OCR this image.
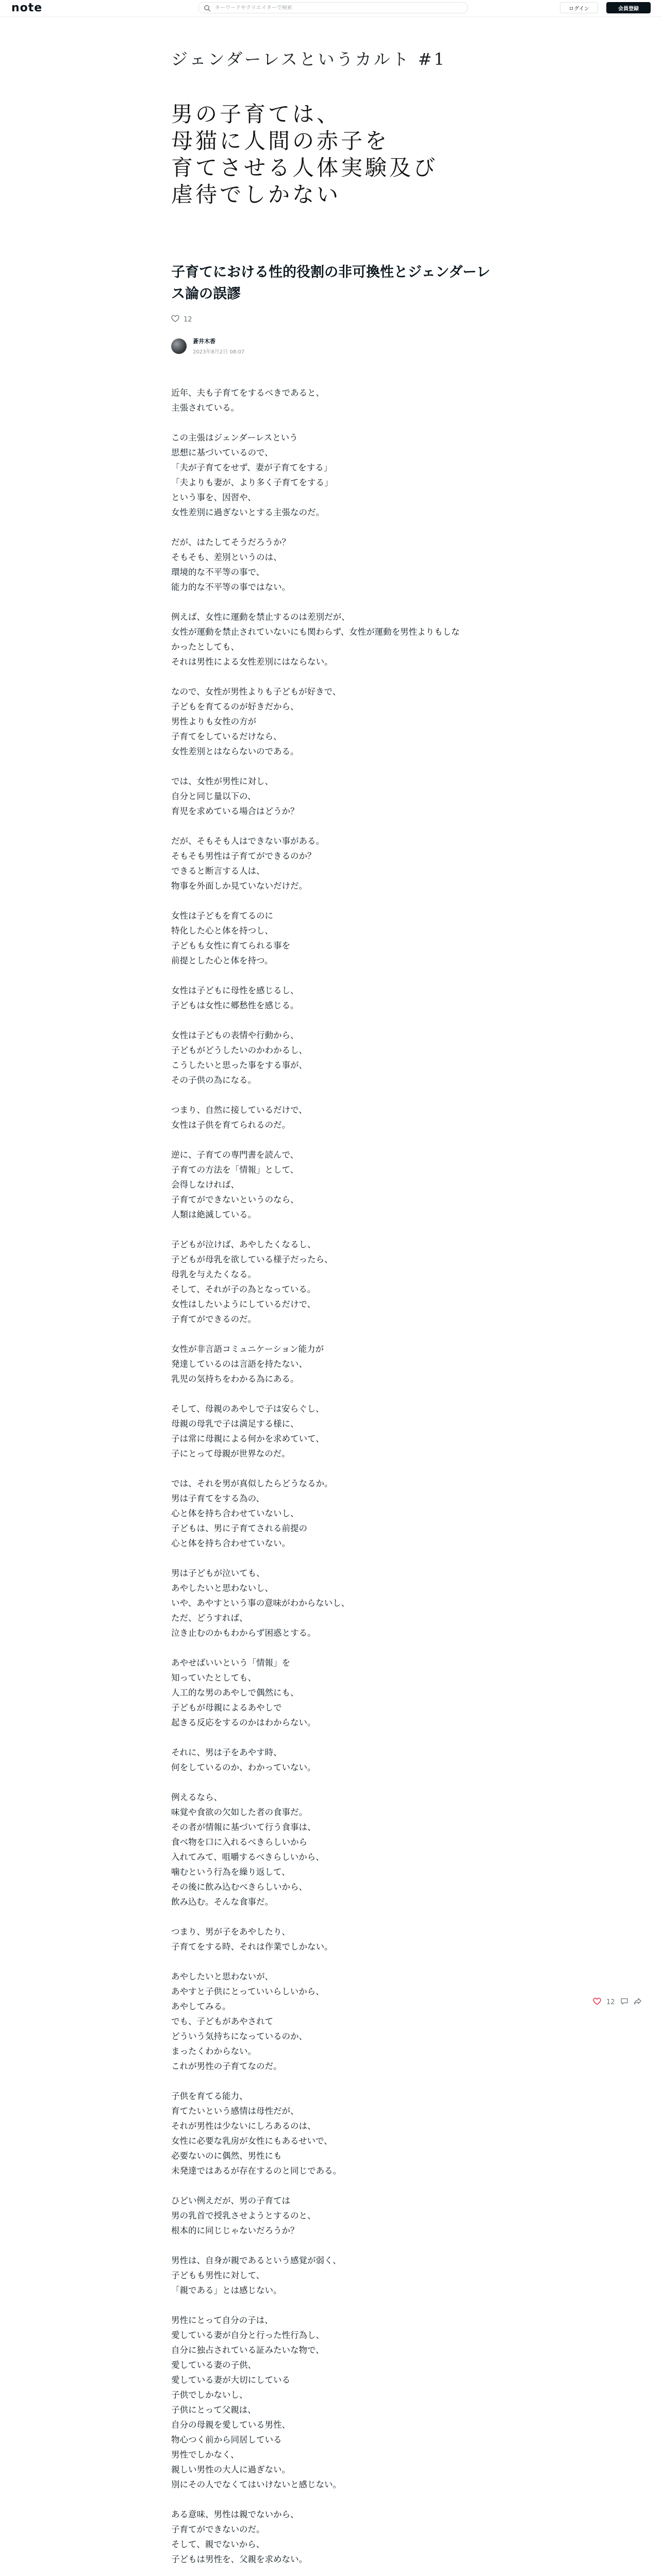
note
キーワードやクリエイターで検索	ログイン	会員登録
ジェンダーレスというカルト #1
男の子育ては、
母猫に人間の赤子を
育てさせる人体実験及び
虐待でしかない
子育てにおける性的役割の非可換性とジェンダーレス論の誤謬
12
蒼井木香
2023年8月2日 08:07

近年、夫も子育てをするべきであると、
主張されている。

この主張はジェンダーレスという
思想に基づいているので、
「夫が子育てをせず、妻が子育てをする」
「夫よりも妻が、より多く子育てをする」
という事を、因習や、
女性差別に過ぎないとする主張なのだ。

だが、はたしてそうだろうか？
そもそも、差別というのは、
環境的な不平等の事で、
能力的な不平等の事ではない。

例えば、女性に運動を禁止するのは差別だが、
女性が運動を禁止されていないにも関わらず、女性が運動を男性よりもしな
かったとしても、
それは男性による女性差別にはならない。

なので、女性が男性よりも子どもが好きで、
子どもを育てるのが好きだから、
男性よりも女性の方が
子育てをしているだけなら、
女性差別とはならないのである。

では、女性が男性に対し、
自分と同じ量以下の、
育児を求めている場合はどうか？

だが、そもそも人はできない事がある。
そもそも男性は子育てができるのか？
できると断言する人は、
物事を外面しか見ていないだけだ。

女性は子どもを育てるのに
特化した心と体を持つし、
子どもも女性に育てられる事を
前提とした心と体を持つ。

女性は子どもに母性を感じるし、
子どもは女性に郷愁性を感じる。

女性は子どもの表情や行動から、
子どもがどうしたいのかわかるし、
こうしたいと思った事をする事が、
その子供の為になる。

つまり、自然に接しているだけで、
女性は子供を育てられるのだ。

逆に、子育ての専門書を読んで、
子育ての方法を「情報」として、
会得しなければ、
子育てができないというのなら、
人類は絶滅している。

子どもが泣けば、あやしたくなるし、
子どもが母乳を欲している様子だったら、
母乳を与えたくなる。
そして、それが子の為となっている。
女性はしたいようにしているだけで、
子育てができるのだ。

女性が非言語コミュニケーション能力が
発達しているのは言語を持たない、
乳児の気持ちをわかる為にある。

そして、母親のあやしで子は安らぐし、
母親の母乳で子は満足する様に、
子は常に母親による何かを求めていて、
子にとって母親が世界なのだ。

では、それを男が真似したらどうなるか。
男は子育てをする為の、
心と体を持ち合わせていないし、
子どもは、男に子育てされる前提の
心と体を持ち合わせていない。

男は子どもが泣いても、
あやしたいと思わないし、
いや、あやすという事の意味がわからないし、
ただ、どうすれば、
泣き止むのかもわからず困惑とする。

あやせばいいという「情報」を
知っていたとしても、
人工的な男のあやしで偶然にも、
子どもが母親によるあやしで
起きる反応をするのかはわからない。

それに、男は子をあやす時、
何をしているのか、わかっていない。

例えるなら、
味覚や食欲の欠如した者の食事だ。
その者が情報に基づいて行う食事は、
食べ物を口に入れるべきらしいから
入れてみて、咀嚼するべきらしいから、
噛むという行為を繰り返して、
その後に飲み込むべきらしいから、
飲み込む。そんな食事だ。

つまり、男が子をあやしたり、
子育てをする時、それは作業でしかない。

あやしたいと思わないが、
あやすと子供にとっていいらしいから、
あやしてみる。
でも、子どもがあやされて
どういう気持ちになっているのか、
まったくわからない。
これが男性の子育てなのだ。

子供を育てる能力、
育てたいという感情は母性だが、
それが男性は少ないにしろあるのは、
女性に必要な乳房が女性にもあるせいで、
必要ないのに偶然、男性にも
未発達ではあるが存在するのと同じである。

ひどい例えだが、男の子育ては
男の乳首で授乳させようとするのと、
根本的に同じじゃないだろうか？

男性は、自身が親であるという感覚が弱く、
子どもも男性に対して、
「親である」とは感じない。

男性にとって自分の子は、
愛している妻が自分と行った性行為し、
自分に独占されている証みたいな物で、
愛している妻の子供、
愛している妻が大切にしている
子供でしかないし、
子供にとって父親は、
自分の母親を愛している男性、
物心つく前から同居している
男性でしかなく、
親しい男性の大人に過ぎない。
別にその人でなくてはいけないと感じない。

ある意味、男性は親でないから、
子育てができないのだ。
そして、親でないから、
子どもは男性を、父親を求めない。

12
